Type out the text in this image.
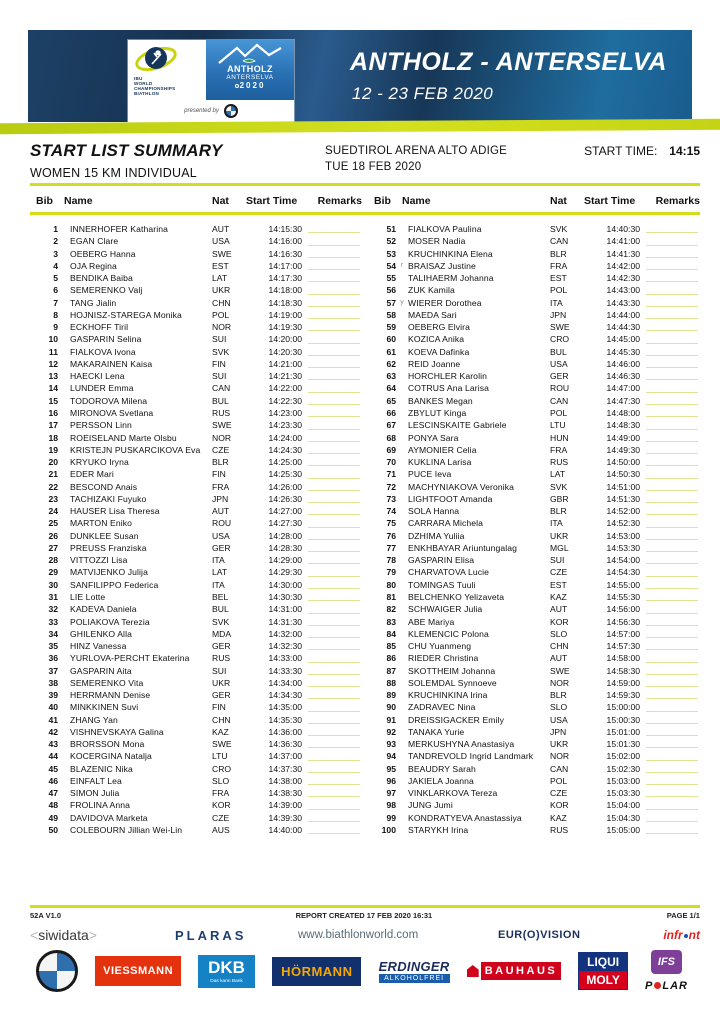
ANTHOLZ - ANTERSELVA
12 - 23 FEB 2020
IBU
WORLD
CHAMPIONSHIPS
BIATHLON
ANTHOLZ
ANTERSELVA
2020
presented by
START LIST SUMMARY
WOMEN 15 KM INDIVIDUAL
SUEDTIROL ARENA ALTO ADIGE
TUE 18 FEB 2020
START TIME: 14:15
Bib	Name	Nat	Start Time	Remarks	Bib	Name	Nat	Start Time	Remarks
1 INNERHOFER Katharina	AUT	14:15:30
2 EGAN Clare	USA	14:16:00
3 OEBERG Hanna	SWE	14:16:30
4 OJA Regina	EST	14:17:00
5 BENDIKA Baiba	LAT	14:17:30
6 SEMERENKO Valj	UKR	14:18:00
7 TANG Jialin	CHN	14:18:30
8 HOJNISZ-STAREGA Monika	POL	14:19:00
9 ECKHOFF Tiril	NOR	14:19:30
10 GASPARIN Selina	SUI	14:20:00
11 FIALKOVA Ivona	SVK	14:20:30
12 MAKARAINEN Kaisa	FIN	14:21:00
13 HAECKI Lena	SUI	14:21:30
14 LUNDER Emma	CAN	14:22:00
15 TODOROVA Milena	BUL	14:22:30
16 MIRONOVA Svetlana	RUS	14:23:00
17 PERSSON Linn	SWE	14:23:30
18 ROEISELAND Marte Olsbu	NOR	14:24:00
19 KRISTEJN PUSKARCIKOVA Eva	CZE	14:24:30
20 KRYUKO Iryna	BLR	14:25:00
21 EDER Mari	FIN	14:25:30
22 BESCOND Anais	FRA	14:26:00
23 TACHIZAKI Fuyuko	JPN	14:26:30
24 HAUSER Lisa Theresa	AUT	14:27:00
25 MARTON Eniko	ROU	14:27:30
26 DUNKLEE Susan	USA	14:28:00
27 PREUSS Franziska	GER	14:28:30
28 VITTOZZI Lisa	ITA	14:29:00
29 MATVIJENKO Julija	LAT	14:29:30
30 SANFILIPPO Federica	ITA	14:30:00
31 LIE Lotte	BEL	14:30:30
32 KADEVA Daniela	BUL	14:31:00
33 POLIAKOVA Terezia	SVK	14:31:30
34 GHILENKO Alla	MDA	14:32:00
35 HINZ Vanessa	GER	14:32:30
36 YURLOVA-PERCHT Ekaterina	RUS	14:33:00
37 GASPARIN Aita	SUI	14:33:30
38 SEMERENKO Vita	UKR	14:34:00
39 HERRMANN Denise	GER	14:34:30
40 MINKKINEN Suvi	FIN	14:35:00
41 ZHANG Yan	CHN	14:35:30
42 VISHNEVSKAYA Galina	KAZ	14:36:00
43 BRORSSON Mona	SWE	14:36:30
44 KOCERGINA Natalja	LTU	14:37:00
45 BLAZENIC Nika	CRO	14:37:30
46 EINFALT Lea	SLO	14:38:00
47 SIMON Julia	FRA	14:38:30
48 FROLINA Anna	KOR	14:39:00
49 DAVIDOVA Marketa	CZE	14:39:30
50 COLEBOURN Jillian Wei-Lin	AUS	14:40:00
51 FIALKOVA Paulina	SVK	14:40:30
52 MOSER Nadia	CAN	14:41:00
53 KRUCHINKINA Elena	BLR	14:41:30
54 r BRAISAZ Justine	FRA	14:42:00
55 TALIHAERM Johanna	EST	14:42:30
56 ZUK Kamila	POL	14:43:00
57 y WIERER Dorothea	ITA	14:43:30
58 MAEDA Sari	JPN	14:44:00
59 OEBERG Elvira	SWE	14:44:30
60 KOZICA Anika	CRO	14:45:00
61 KOEVA Dafinka	BUL	14:45:30
62 REID Joanne	USA	14:46:00
63 HORCHLER Karolin	GER	14:46:30
64 COTRUS Ana Larisa	ROU	14:47:00
65 BANKES Megan	CAN	14:47:30
66 ZBYLUT Kinga	POL	14:48:00
67 LESCINSKAITE Gabriele	LTU	14:48:30
68 PONYA Sara	HUN	14:49:00
69 AYMONIER Celia	FRA	14:49:30
70 KUKLINA Larisa	RUS	14:50:00
71 PUCE Ieva	LAT	14:50:30
72 MACHYNIAKOVA Veronika	SVK	14:51:00
73 LIGHTFOOT Amanda	GBR	14:51:30
74 SOLA Hanna	BLR	14:52:00
75 CARRARA Michela	ITA	14:52:30
76 DZHIMA Yuliia	UKR	14:53:00
77 ENKHBAYAR Ariuntungalag	MGL	14:53:30
78 GASPARIN Elisa	SUI	14:54:00
79 CHARVATOVA Lucie	CZE	14:54:30
80 TOMINGAS Tuuli	EST	14:55:00
81 BELCHENKO Yelizaveta	KAZ	14:55:30
82 SCHWAIGER Julia	AUT	14:56:00
83 ABE Mariya	KOR	14:56:30
84 KLEMENCIC Polona	SLO	14:57:00
85 CHU Yuanmeng	CHN	14:57:30
86 RIEDER Christina	AUT	14:58:00
87 SKOTTHEIM Johanna	SWE	14:58:30
88 SOLEMDAL Synnoeve	NOR	14:59:00
89 KRUCHINKINA Irina	BLR	14:59:30
90 ZADRAVEC Nina	SLO	15:00:00
91 DREISSIGACKER Emily	USA	15:00:30
92 TANAKA Yurie	JPN	15:01:00
93 MERKUSHYNA Anastasiya	UKR	15:01:30
94 TANDREVOLD Ingrid Landmark	NOR	15:02:00
95 BEAUDRY Sarah	CAN	15:02:30
96 JAKIELA Joanna	POL	15:03:00
97 VINKLARKOVA Tereza	CZE	15:03:30
98 JUNG Jumi	KOR	15:04:00
99 KONDRATYEVA Anastassiya	KAZ	15:04:30
100 STARYKH Irina	RUS	15:05:00
52A V1.0	REPORT CREATED 17 FEB 2020 16:31	PAGE 1/1
<siwidata>	PLARAS	www.biathlonworld.com	EUR(O)VISION	infr nt
VIESSMANN	DKB
Das kann Bank
HÖRMANN	ERDINGER
ALKOHOLFREI
BAUHAUS
LIQUI
MOLY
IFS
P LAR
